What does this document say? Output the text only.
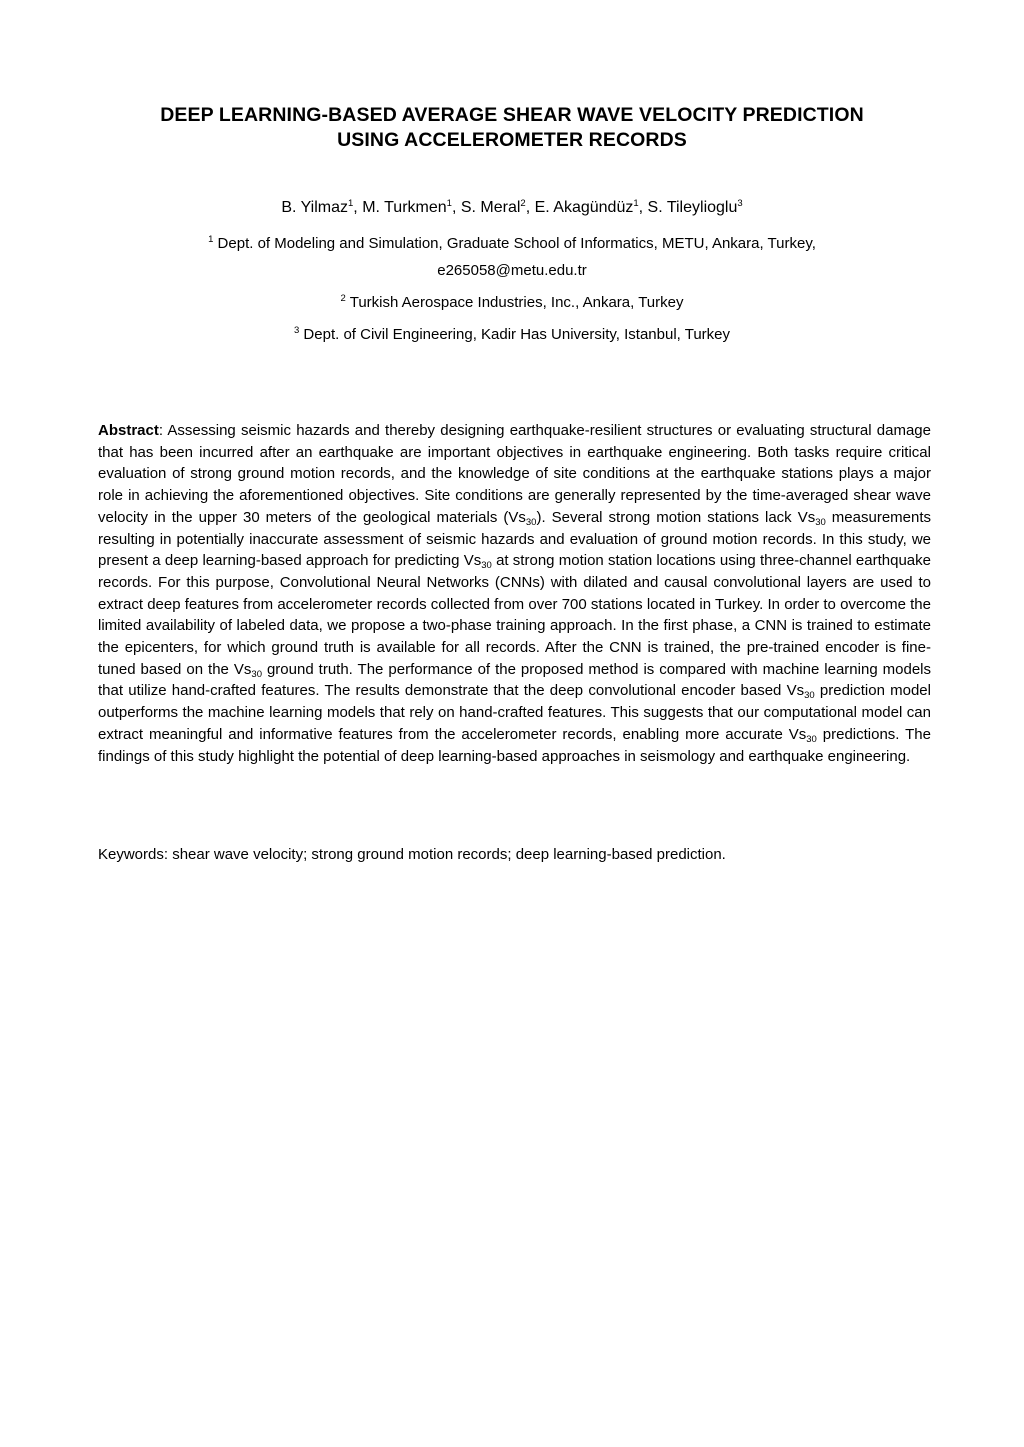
DEEP LEARNING-BASED AVERAGE SHEAR WAVE VELOCITY PREDICTION
USING ACCELEROMETER RECORDS
B. Yilmaz$^1$, M. Turkmen$^1$, S. Meral$^2$, E. Akagündüz$^1$, S. Tileylioglu$^3$
$^1$ Dept. of Modeling and Simulation, Graduate School of Informatics, METU, Ankara, Turkey,
e265058@metu.edu.tr
$^2$ Turkish Aerospace Industries, Inc., Ankara, Turkey
$^3$ Dept. of Civil Engineering, Kadir Has University, Istanbul, Turkey
Abstract: Assessing seismic hazards and thereby designing earthquake-resilient structures or evaluating structural damage that has been incurred after an earthquake are important objectives in earthquake engineering. Both tasks require critical evaluation of strong ground motion records, and the knowledge of site conditions at the earthquake stations plays a major role in achieving the aforementioned objectives. Site conditions are generally represented by the time-averaged shear wave velocity in the upper 30 meters of the geological materials $(Vs_{30})$. Several strong motion stations lack $Vs_{30}$ measurements resulting in potentially inaccurate assessment of seismic hazards and evaluation of ground motion records. In this study, we present a deep learning-based approach for predicting $Vs_{30}$ at strong motion station locations using three-channel earthquake records. For this purpose, Convolutional Neural Networks (CNNs) with dilated and causal convolutional layers are used to extract deep features from accelerometer records collected from over 700 stations located in Turkey. In order to overcome the limited availability of labeled data, we propose a two-phase training approach. In the first phase, a CNN is trained to estimate the epicenters, for which ground truth is available for all records. After the CNN is trained, the pre-trained encoder is fine-tuned based on the $Vs_{30}$ ground truth. The performance of the proposed method is compared with machine learning models that utilize hand-crafted features. The results demonstrate that the deep convolutional encoder based $Vs_{30}$ prediction model outperforms the machine learning models that rely on hand-crafted features. This suggests that our computational model can extract meaningful and informative features from the accelerometer records, enabling more accurate $Vs_{30}$ predictions. The findings of this study highlight the potential of deep learning-based approaches in seismology and earthquake engineering.
Keywords: shear wave velocity; strong ground motion records; deep learning-based prediction.
